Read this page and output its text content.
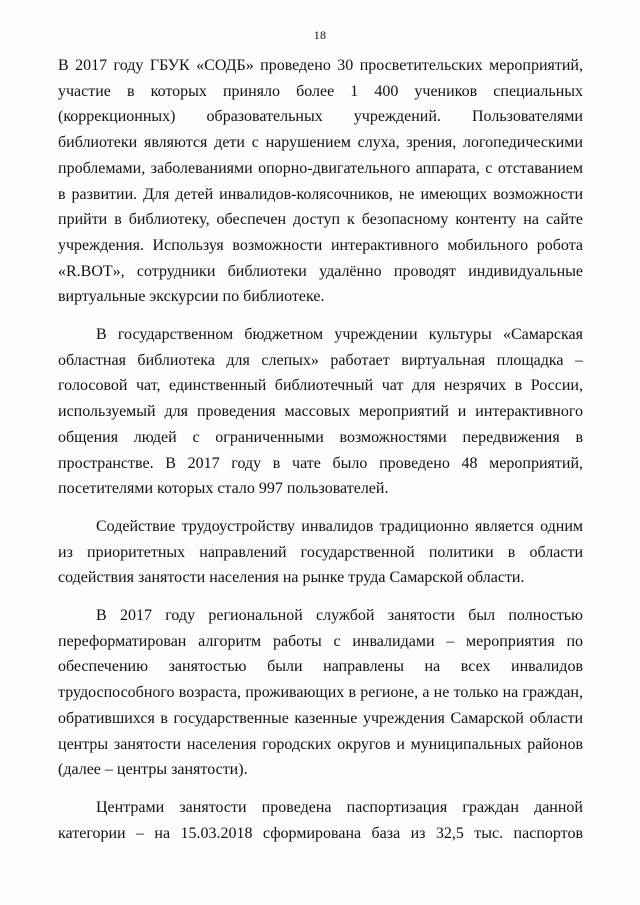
18

В 2017 году ГБУК «СОДБ» проведено 30 просветительских мероприятий, участие в которых приняло более 1 400 учеников специальных (коррекционных) образовательных учреждений. Пользователями библиотеки являются дети с нарушением слуха, зрения, логопедическими проблемами, заболеваниями опорно-двигательного аппарата, с отставанием в развитии. Для детей инвалидов-колясочников, не имеющих возможности прийти в библиотеку, обеспечен доступ к безопасному контенту на сайте учреждения. Используя возможности интерактивного мобильного робота «R.BOT», сотрудники библиотеки удалённо проводят индивидуальные виртуальные экскурсии по библиотеке.

В государственном бюджетном учреждении культуры «Самарская областная библиотека для слепых» работает виртуальная площадка – голосовой чат, единственный библиотечный чат для незрячих в России, используемый для проведения массовых мероприятий и интерактивного общения людей с ограниченными возможностями передвижения в пространстве. В 2017 году в чате было проведено 48 мероприятий, посетителями которых стало 997 пользователей.

Содействие трудоустройству инвалидов традиционно является одним из приоритетных направлений государственной политики в области содействия занятости населения на рынке труда Самарской области.

В 2017 году региональной службой занятости был полностью переформатирован алгоритм работы с инвалидами – мероприятия по обеспечению занятостью были направлены на всех инвалидов трудоспособного возраста, проживающих в регионе, а не только на граждан, обратившихся в государственные казенные учреждения Самарской области центры занятости населения городских округов и муниципальных районов (далее – центры занятости).

Центрами занятости проведена паспортизация граждан данной категории – на 15.03.2018 сформирована база из 32,5 тыс. паспортов
